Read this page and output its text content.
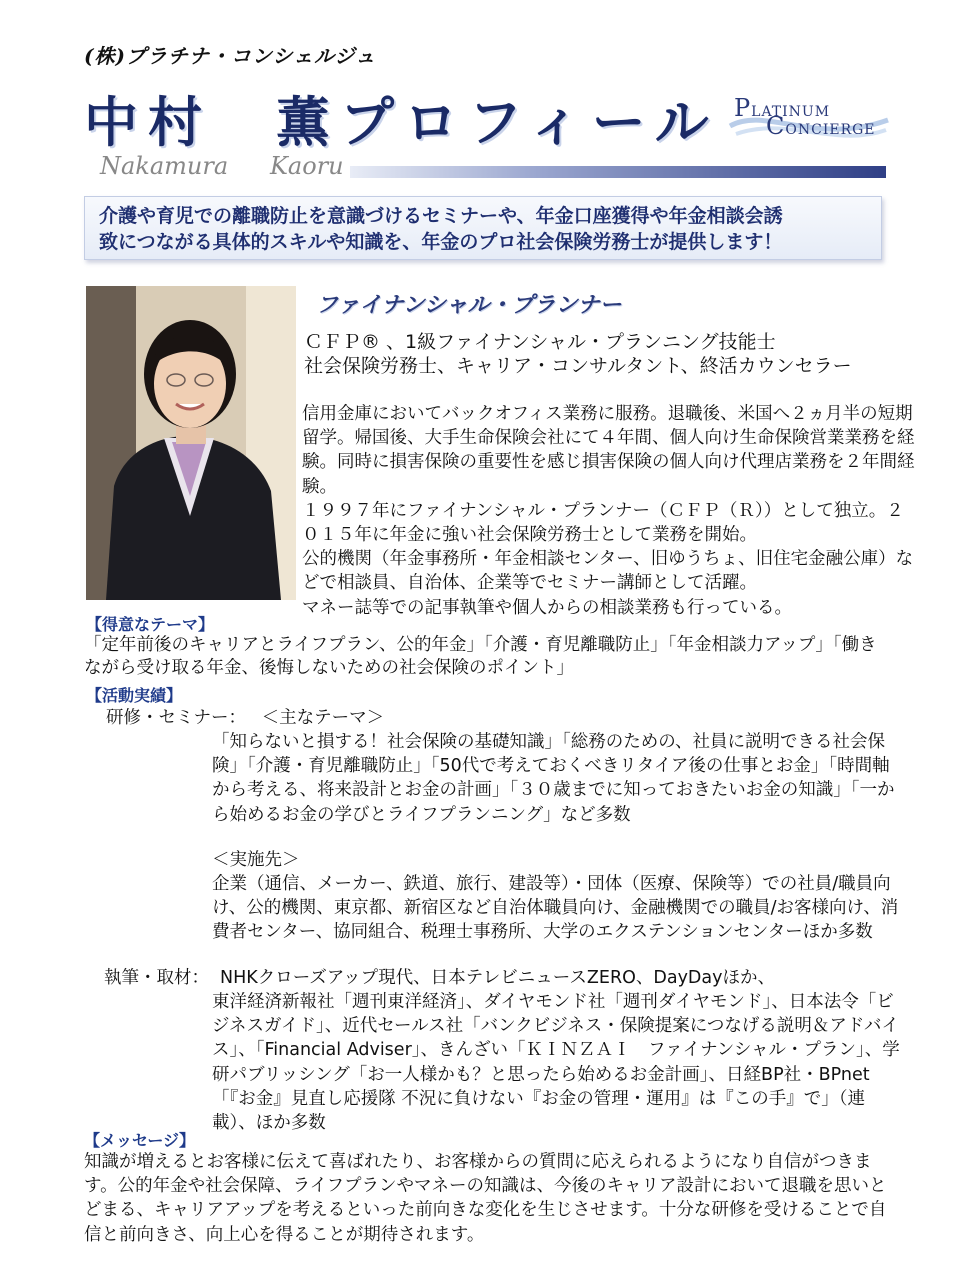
(株)プラチナ・コンシェルジュ
中村　薫プロフィール
Nakamura Kaoru
PLATINUM
CONCIERGE
介護や育児での離職防止を意識づけるセミナーや、年金口座獲得や年金相談会誘
致につながる具体的スキルや知識を、年金のプロ社会保険労務士が提供します！
ファイナンシャル・プランナー
ＣＦＰ® 、1級ファイナンシャル・プランニング技能士
社会保険労務士、キャリア・コンサルタント、終活カウンセラー

信用金庫においてバックオフィス業務に服務。退職後、米国へ２ヵ月半の短期留学。帰国後、大手生命保険会社にて４年間、個人向け生命保険営業業務を経験。同時に損害保険の重要性を感じ損害保険の個人向け代理店業務を２年間経験。

１９９７年にファイナンシャル・プランナー（ＣＦＰ（Ｒ））として独立。２０１５年に年金に強い社会保険労務士として業務を開始。

公的機関（年金事務所・年金相談センター、旧ゆうちょ、旧住宅金融公庫）などで相談員、自治体、企業等でセミナー講師として活躍。

マネー誌等での記事執筆や個人からの相談業務も行っている。

【得意なテーマ】
「定年前後のキャリアとライフプラン、公的年金」「介護・育児離職防止」「年金相談力アップ」「働きながら受け取る年金、後悔しないための社会保険のポイント」
【活動実績】
研修・セミナー： ＜主なテーマ＞
「知らないと損する！社会保険の基礎知識」「総務のための、社員に説明できる社会保険」「介護・育児離職防止」「50代で考えておくべきリタイア後の仕事とお金」「時間軸から考える、将来設計とお金の計画」「３０歳までに知っておきたいお金の知識」「一から始めるお金の学びとライフプランニング」など多数
＜実施先＞
企業（通信、メーカー、鉄道、旅行、建設等）・団体（医療、保険等）での社員/職員向け、公的機関、東京都、新宿区など自治体職員向け、金融機関での職員/お客様向け、消費者センター、協同組合、税理士事務所、大学のエクステンションセンターほか多数
執筆・取材： NHKクローズアップ現代、日本テレビニュースZERO、DayDayほか、
東洋経済新報社「週刊東洋経済」、ダイヤモンド社「週刊ダイヤモンド」、日本法令「ビジネスガイド」、近代セールス社「バンクビジネス・保険提案につなげる説明＆アドバイス」、「Financial Adviser」、きんざい「ＫＩＮＺＡＩ　ファイナンシャル・プラン」、学研パブリッシング「お一人様かも？と思ったら始めるお金計画」、日経BP社・BPnet「『お金』見直し応援隊 不況に負けない『お金の管理・運用』は『この手』で」（連載）、ほか多数
【メッセージ】
知識が増えるとお客様に伝えて喜ばれたり、お客様からの質問に応えられるようになり自信がつきます。公的年金や社会保障、ライフプランやマネーの知識は、今後のキャリア設計において退職を思いとどまる、キャリアアップを考えるといった前向きな変化を生じさせます。十分な研修を受けることで自信と前向きさ、向上心を得ることが期待されます。
